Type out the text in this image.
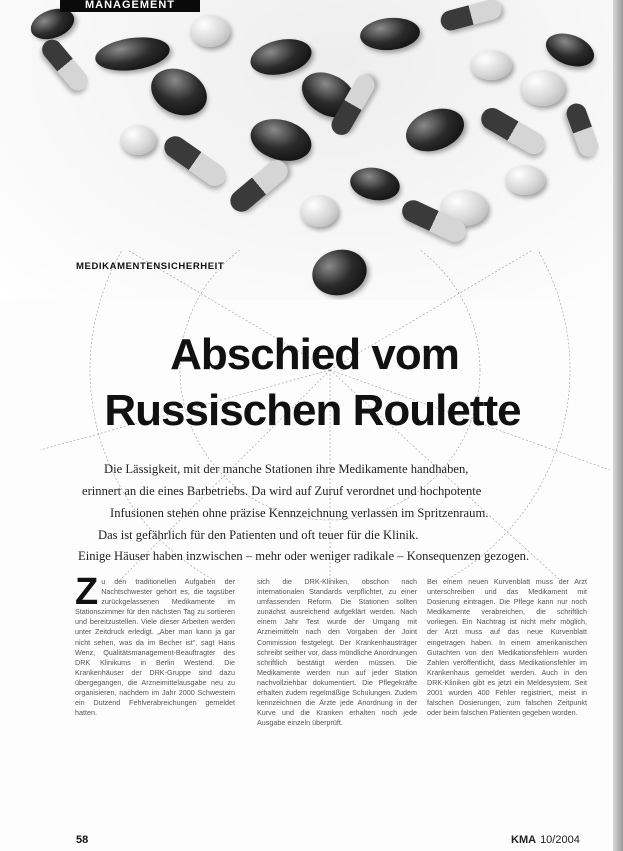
MANAGEMENT
MEDIKAMENTENSICHERHEIT
Abschied vom
Russischen Roulette
Die Lässigkeit, mit der manche Stationen ihre Medikamente handhaben,
erinnert an die eines Barbetriebs. Da wird auf Zuruf verordnet und hochpotente
Infusionen stehen ohne präzise Kennzeichnung verlassen im Spritzenraum.
Das ist gefährlich für den Patienten und oft teuer für die Klinik.
Einige Häuser haben inzwischen – mehr oder weniger radikale – Konsequenzen gezogen.
Z u den traditionellen Aufgaben der Nachtschwester gehört es, die tagsüber zurückgelassenen Medikamente im Stationszimmer für den nächsten Tag zu sortieren und bereitzustellen. Viele dieser Arbeiten werden unter Zeitdruck erledigt. „Aber man kann ja gar nicht sehen, was da im Becher ist“, sagt Hans Wenz, Qualitätsmanagement-Beauftragter des DRK Klinikums in Berlin Westend. Die Krankenhäuser der DRK-Gruppe sind dazu übergegangen, die Arzneimittelausgabe neu zu organisieren, nachdem im Jahr 2000 Schwestern ein Dutzend Fehlverabreichungen gemeldet hatten.

sich die DRK-Kliniken, obschon nach internationalen Standards verpflichtet, zu einer umfassenden Reform. Die Stationen sollten zunächst ausreichend aufgeklärt werden. Nach einem Jahr Test wurde der Umgang mit Arzneimitteln nach den Vorgaben der Joint Commission festgelegt. Der Krankenhausträger schreibt seither vor, dass mündliche Anordnungen schriftlich bestätigt werden müssen. Die Medikamente werden nun auf jeder Station nachvollziehbar dokumentiert. Die Pflegekräfte erhalten zudem regelmäßige Schulungen. Zudem kennzeichnen die Ärzte jede Anordnung in der Kurve und die Kranken erhalten noch jede Ausgabe einzeln überprüft.

Bei einem neuen Kurvenblatt muss der Arzt unterschreiben und das Medikament mit Dosierung eintragen. Die Pflege kann nur noch Medikamente verabreichen, die schriftlich vorliegen. Ein Nachtrag ist nicht mehr möglich, der Arzt muss auf das neue Kurvenblatt eingetragen haben. In einem amerikanischen Gutachten von den Medikationsfehlern wurden Zahlen veröffentlicht, dass Medikationsfehler im Krankenhaus gemeldet werden. Auch in den DRK-Kliniken gibt es jetzt ein Meldesystem. Seit 2001 wurden 400 Fehler registriert, meist in falschen Dosierungen, zum falschen Zeitpunkt oder beim falschen Patienten gegeben worden.

58	KMA 10/2004
